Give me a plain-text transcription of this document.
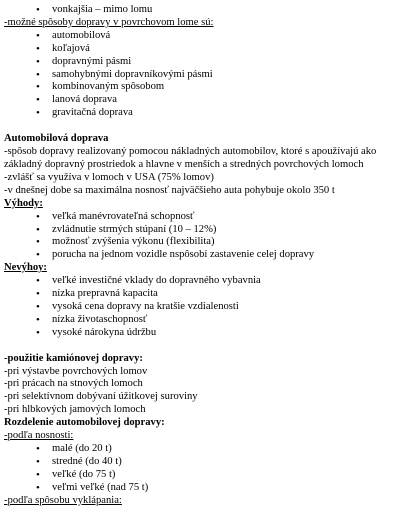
• vonkajšia – mimo lomu
-možné spôsoby dopravy v povrchovom lome sú:
• automobilová
• koľajová
• dopravnými pásmi
• samohybnými dopravníkovými pásmi
• kombinovaným spôsobom
• lanová doprava
• gravitačná doprava
Automobilová doprava
-spôsob dopravy realizovaný pomocou nákladných automobilov, ktoré s apoužívajú ako
základný dopravný prostriedok a hlavne v menších a stredných povrchových lomoch
-zvlášť sa využíva v lomoch v USA (75% lomov)
-v dnešnej dobe sa maximálna nosnosť najväčšieho auta pohybuje okolo 350 t
Výhody:
• veľká manévrovateľná schopnosť
• zvládnutie strmých stúpaní (10 – 12%)
• možnosť zvýšenia výkonu (flexibilita)
• porucha na jednom vozidle nspôsobí zastavenie celej dopravy
Nevýhoy:
• veľké investičné vklady do dopravného vybavnia
• nízka prepravná kapacita
• vysoká cena dopravy na kratšie vzdialenosti
• nízka životaschopnosť
• vysoké nárokyna údržbu
-použitie kamiónovej dopravy:
-pri výstavbe povrchových lomov
-pri prácach na stnových lomoch
-pri selektívnom dobývaní úžitkovej suroviny
-pri hlbkových jamových lomoch
Rozdelenie automobilovej dopravy:
-podľa nosnosti:
• malé (do 20 t)
• stredné (do 40 t)
• veľké (do 75 t)
• veľmi veľké (nad 75 t)
-podľa spôsobu vyklápania:
